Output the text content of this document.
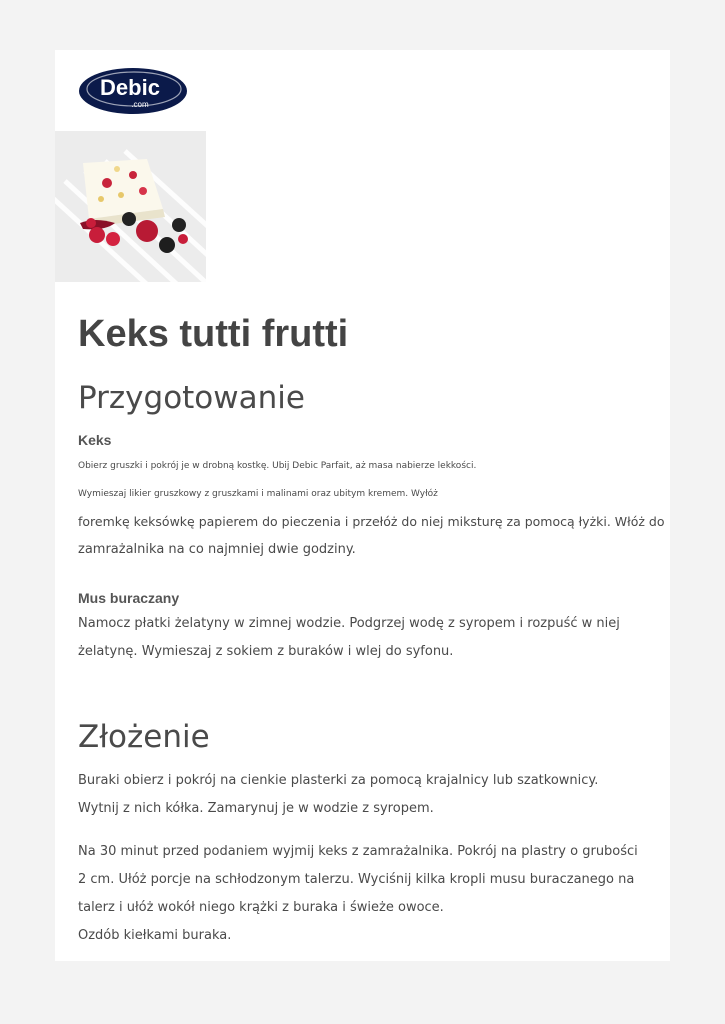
Debic
.com
Keks tutti frutti
Przygotowanie
Keks

Obierz gruszki i pokrój je w drobną kostkę. Ubij Debic Parfait, aż masa nabierze lekkości.
Wymieszaj likier gruszkowy z gruszkami i malinami oraz ubitym kremem. Wyłóż
foremkę keksówkę papierem do pieczenia i przełóż do niej miksturę za pomocą łyżki. Włóż do
zamrażalnika na co najmniej dwie godziny.

Mus buraczany

Namocz płatki żelatyny w zimnej wodzie. Podgrzej wodę z syropem i rozpuść w niej
żelatynę. Wymieszaj z sokiem z buraków i wlej do syfonu.

Złożenie

Buraki obierz i pokrój na cienkie plasterki za pomocą krajalnicy lub szatkownicy.
Wytnij z nich kółka. Zamarynuj je w wodzie z syropem.

Na 30 minut przed podaniem wyjmij keks z zamrażalnika. Pokrój na plastry o grubości
2 cm. Ułóż porcje na schłodzonym talerzu. Wyciśnij kilka kropli musu buraczanego na
talerz i ułóż wokół niego krążki z buraka i świeże owoce.
Ozdób kiełkami buraka.
